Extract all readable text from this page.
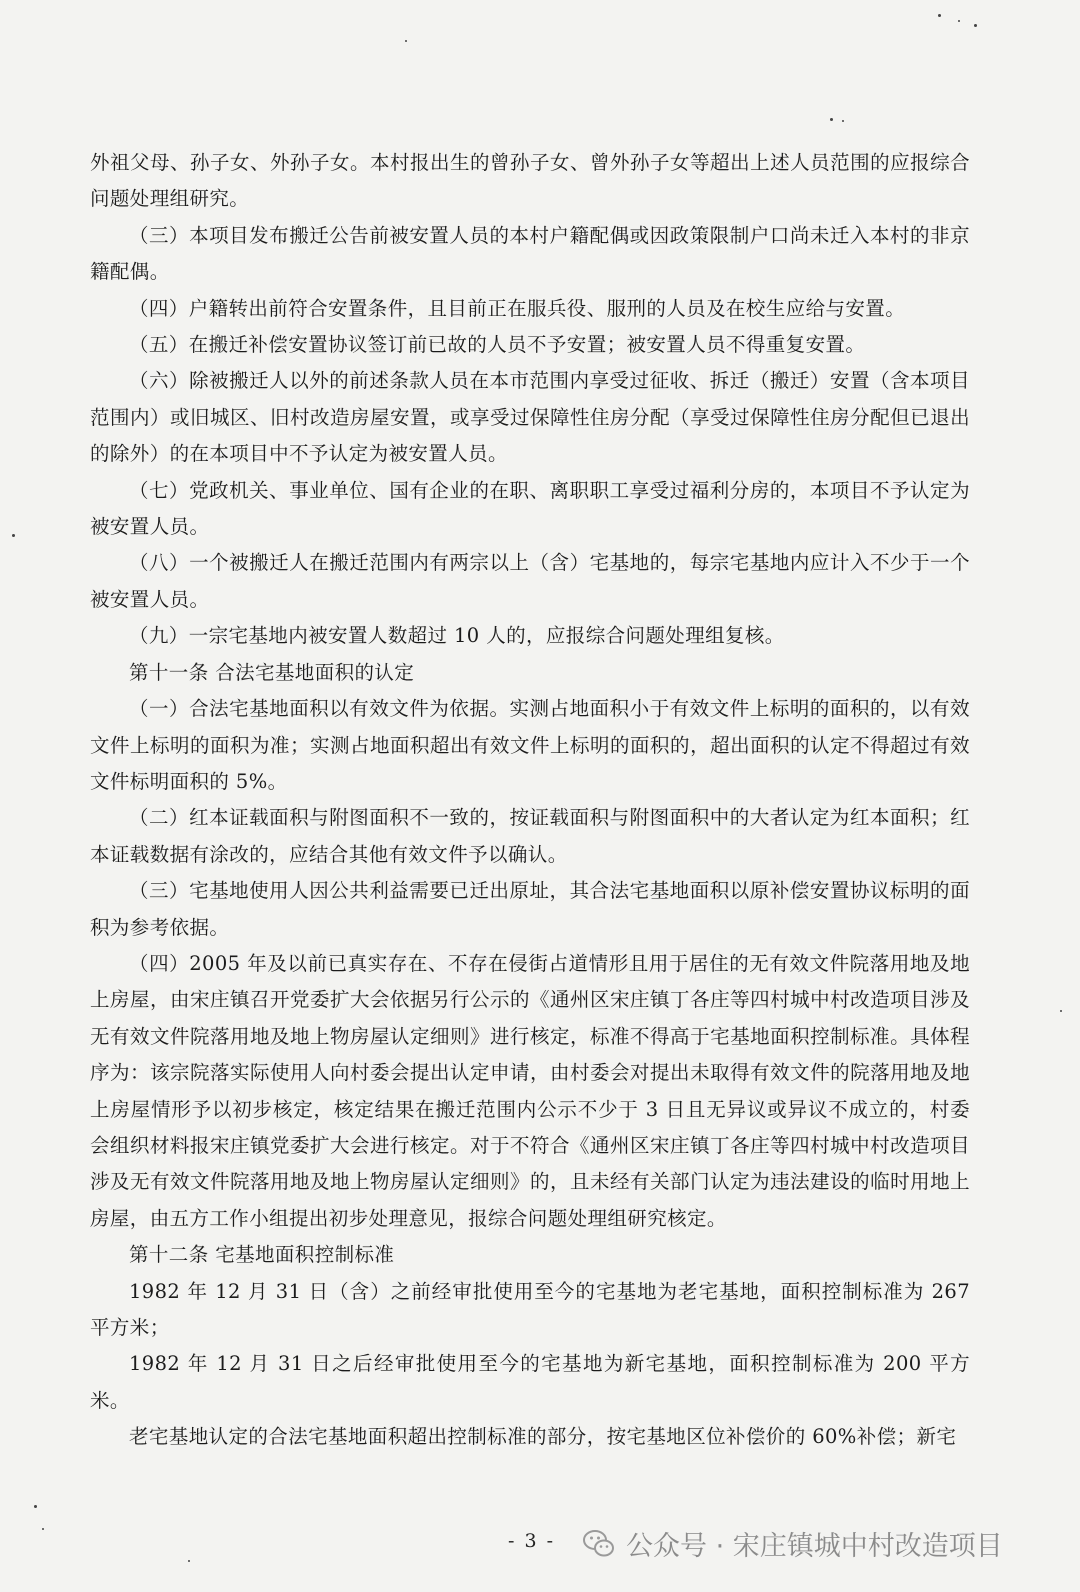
外祖父母、孙子女、外孙子女。本村报出生的曾孙子女、曾外孙子女等超出上述人员范围的应报综合问题处理组研究。

（三）本项目发布搬迁公告前被安置人员的本村户籍配偶或因政策限制户口尚未迁入本村的非京籍配偶。

（四）户籍转出前符合安置条件，且目前正在服兵役、服刑的人员及在校生应给与安置。

（五）在搬迁补偿安置协议签订前已故的人员不予安置；被安置人员不得重复安置。

（六）除被搬迁人以外的前述条款人员在本市范围内享受过征收、拆迁（搬迁）安置（含本项目范围内）或旧城区、旧村改造房屋安置，或享受过保障性住房分配（享受过保障性住房分配但已退出的除外）的在本项目中不予认定为被安置人员。

（七）党政机关、事业单位、国有企业的在职、离职职工享受过福利分房的，本项目不予认定为被安置人员。

（八）一个被搬迁人在搬迁范围内有两宗以上（含）宅基地的，每宗宅基地内应计入不少于一个被安置人员。

（九）一宗宅基地内被安置人数超过 10 人的，应报综合问题处理组复核。

第十一条 合法宅基地面积的认定

（一）合法宅基地面积以有效文件为依据。实测占地面积小于有效文件上标明的面积的，以有效文件上标明的面积为准；实测占地面积超出有效文件上标明的面积的，超出面积的认定不得超过有效文件标明面积的 5%。

（二）红本证载面积与附图面积不一致的，按证载面积与附图面积中的大者认定为红本面积；红本证载数据有涂改的，应结合其他有效文件予以确认。

（三）宅基地使用人因公共利益需要已迁出原址，其合法宅基地面积以原补偿安置协议标明的面积为参考依据。

（四）2005 年及以前已真实存在、不存在侵街占道情形且用于居住的无有效文件院落用地及地上房屋，由宋庄镇召开党委扩大会依据另行公示的《通州区宋庄镇丁各庄等四村城中村改造项目涉及无有效文件院落用地及地上物房屋认定细则》进行核定，标准不得高于宅基地面积控制标准。具体程序为：该宗院落实际使用人向村委会提出认定申请，由村委会对提出未取得有效文件的院落用地及地上房屋情形予以初步核定，核定结果在搬迁范围内公示不少于 3 日且无异议或异议不成立的，村委会组织材料报宋庄镇党委扩大会进行核定。对于不符合《通州区宋庄镇丁各庄等四村城中村改造项目涉及无有效文件院落用地及地上物房屋认定细则》的，且未经有关部门认定为违法建设的临时用地上房屋，由五方工作小组提出初步处理意见，报综合问题处理组研究核定。

第十二条 宅基地面积控制标准

1982 年 12 月 31 日（含）之前经审批使用至今的宅基地为老宅基地，面积控制标准为 267 平方米；

1982 年 12 月 31 日之后经审批使用至今的宅基地为新宅基地，面积控制标准为 200 平方米。

老宅基地认定的合法宅基地面积超出控制标准的部分，按宅基地区位补偿价的 60%补偿；新宅

- 3 -	公众号 · 宋庄镇城中村改造项目
